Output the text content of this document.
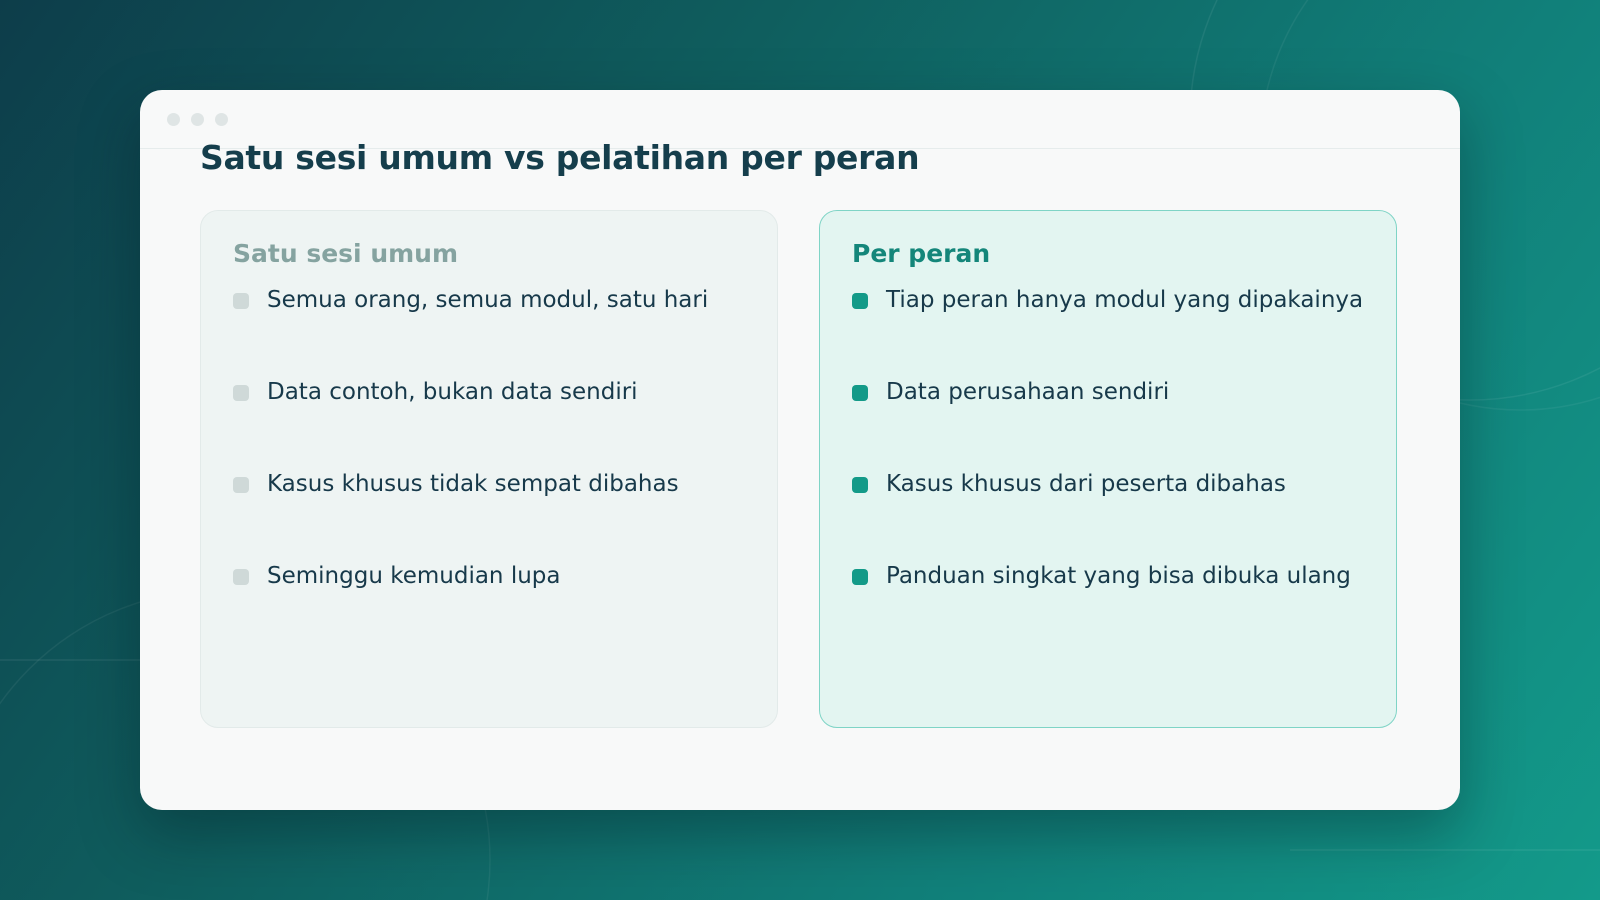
Satu sesi umum vs pelatihan per peran
Satu sesi umum
Semua orang, semua modul, satu hari
Data contoh, bukan data sendiri
Kasus khusus tidak sempat dibahas
Seminggu kemudian lupa
Per peran
Tiap peran hanya modul yang dipakainya
Data perusahaan sendiri
Kasus khusus dari peserta dibahas
Panduan singkat yang bisa dibuka ulang
